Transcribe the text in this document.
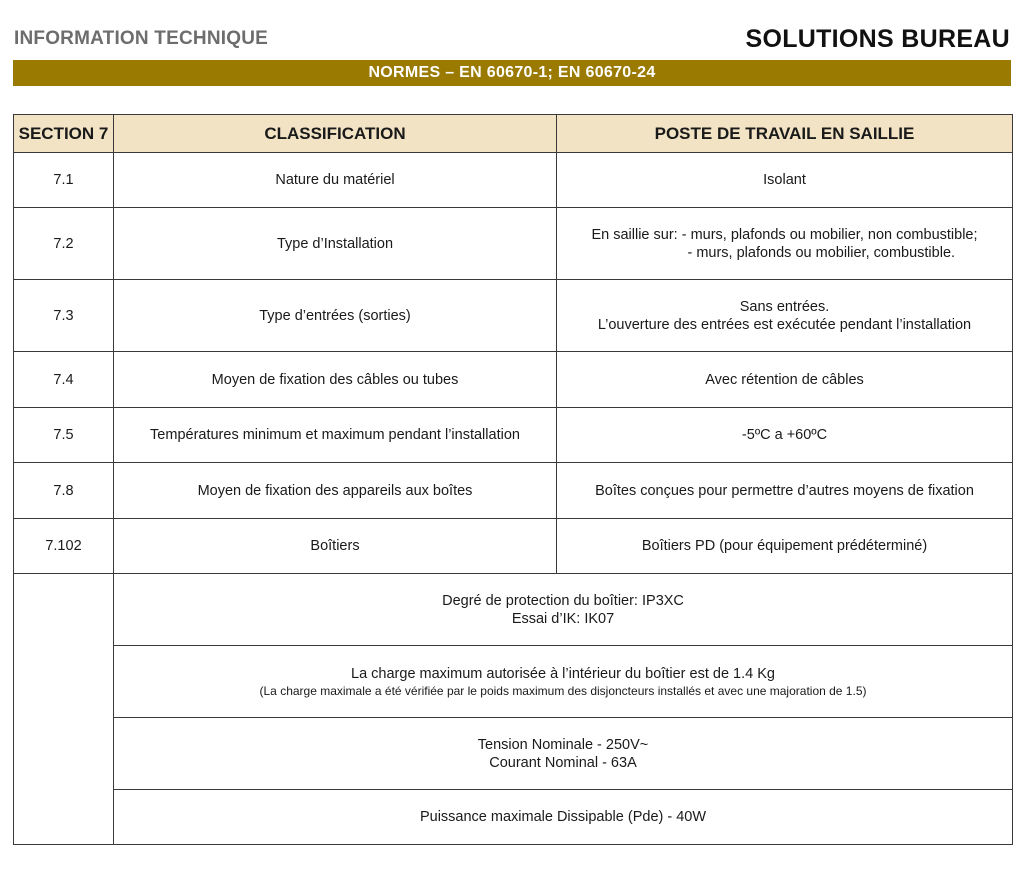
INFORMATION TECHNIQUE	SOLUTIONS BUREAU
NORMES – EN 60670-1; EN 60670-24
SECTION 7	CLASSIFICATION	POSTE DE TRAVAIL EN SAILLIE
7.1	Nature du matériel	Isolant
7.2	Type d’Installation	En saillie sur: - murs, plafonds ou mobilier, non combustible;
- murs, plafonds ou mobilier, combustible.

7.3	Type d’entrées (sorties)	Sans entrées.
L’ouverture des entrées est exécutée pendant l’installation

7.4	Moyen de fixation des câbles ou tubes	Avec rétention de câbles
7.5	Températures minimum et maximum pendant l’installation	-5ºC a +60ºC
7.8	Moyen de fixation des appareils aux boîtes	Boîtes conçues pour permettre d’autres moyens de fixation
7.102	Boîtiers	Boîtiers PD (pour équipement prédéterminé)

	Degré de protection du boîtier: IP3XC
Essai d’IK: IK07	

	La charge maximum autorisée à l’intérieur du boîtier est de 1.4 Kg
(La charge maximale a été vérifiée par le poids maximum des disjoncteurs installés et avec une majoration de 1.5)	

	Tension Nominale - 250V~
Courant Nominal - 63A	

	Puissance maximale Dissipable (Pde) - 40W	
